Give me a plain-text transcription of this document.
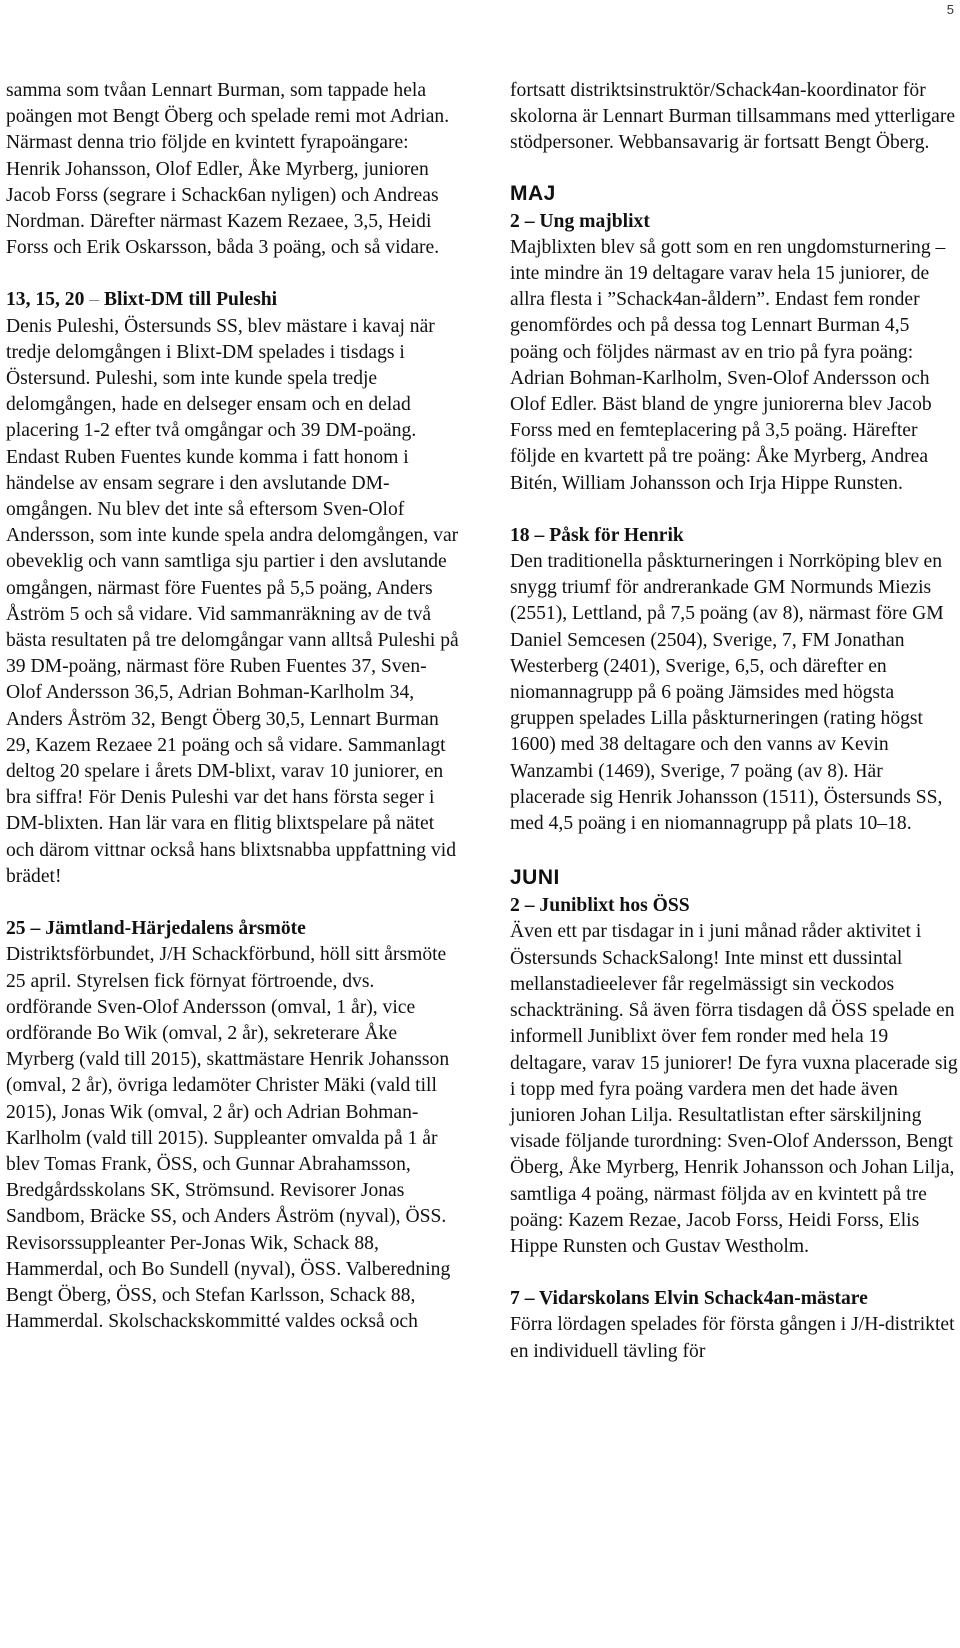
5

samma som tvåan Lennart Burman, som tappade hela poängen mot Bengt Öberg och spelade remi mot Adrian. Närmast denna trio följde en kvintett fyrapoängare: Henrik Johansson, Olof Edler, Åke Myrberg, junioren Jacob Forss (segrare i Schack6an nyligen) och Andreas Nordman. Därefter närmast Kazem Rezaee, 3,5, Heidi Forss och Erik Oskarsson, båda 3 poäng, och så vidare.

13, 15, 20 – Blixt-DM till Puleshi
Denis Puleshi, Östersunds SS, blev mästare i kavaj när tredje delomgången i Blixt-DM spelades i tisdags i Östersund. Puleshi, som inte kunde spela tredje delomgången, hade en delseger ensam och en delad placering 1-2 efter två omgångar och 39 DM-poäng. Endast Ruben Fuentes kunde komma i fatt honom i händelse av ensam segrare i den avslutande DM-omgången. Nu blev det inte så eftersom Sven-Olof Andersson, som inte kunde spela andra delomgången, var obeveklig och vann samtliga sju partier i den avslutande omgången, närmast före Fuentes på 5,5 poäng, Anders Åström 5 och så vidare. Vid sammanräkning av de två bästa resultaten på tre delomgångar vann alltså Puleshi på 39 DM-poäng, närmast före Ruben Fuentes 37, Sven-Olof Andersson 36,5, Adrian Bohman-Karlholm 34, Anders Åström 32, Bengt Öberg 30,5, Lennart Burman 29, Kazem Rezaee 21 poäng och så vidare. Sammanlagt deltog 20 spelare i årets DM-blixt, varav 10 juniorer, en bra siffra! För Denis Puleshi var det hans första seger i DM-blixten. Han lär vara en flitig blixtspelare på nätet och därom vittnar också hans blixtsnabba uppfattning vid brädet!

25 – Jämtland-Härjedalens årsmöte
Distriktsförbundet, J/H Schackförbund, höll sitt årsmöte 25 april. Styrelsen fick förnyat förtroende, dvs. ordförande Sven-Olof Andersson (omval, 1 år), vice ordförande Bo Wik (omval, 2 år), sekreterare Åke Myrberg (vald till 2015), skattmästare Henrik Johansson (omval, 2 år), övriga ledamöter Christer Mäki (vald till 2015), Jonas Wik (omval, 2 år) och Adrian Bohman-Karlholm (vald till 2015). Suppleanter omvalda på 1 år blev Tomas Frank, ÖSS, och Gunnar Abrahamsson, Bredgårdsskolans SK, Strömsund. Revisorer Jonas Sandbom, Bräcke SS, och Anders Åström (nyval), ÖSS. Revisorssuppleanter Per-Jonas Wik, Schack 88, Hammerdal, och Bo Sundell (nyval), ÖSS. Valberedning Bengt Öberg, ÖSS, och Stefan Karlsson, Schack 88, Hammerdal. Skolschackskommitté valdes också och

fortsatt distriktsinstruktör/Schack4an-koordinator för skolorna är Lennart Burman tillsammans med ytterligare stödpersoner. Webbansavarig är fortsatt Bengt Öberg.

MAJ

2 – Ung majblixt
Majblixten blev så gott som en ren ungdomsturnering – inte mindre än 19 deltagare varav hela 15 juniorer, de allra flesta i ”Schack4an-åldern”. Endast fem ronder genomfördes och på dessa tog Lennart Burman 4,5 poäng och följdes närmast av en trio på fyra poäng: Adrian Bohman-Karlholm, Sven-Olof Andersson och Olof Edler. Bäst bland de yngre juniorerna blev Jacob Forss med en femteplacering på 3,5 poäng. Härefter följde en kvartett på tre poäng: Åke Myrberg, Andrea Bitén, William Johansson och Irja Hippe Runsten.

18 – Påsk för Henrik
Den traditionella påskturneringen i Norrköping blev en snygg triumf för andrerankade GM Normunds Miezis (2551), Lettland, på 7,5 poäng (av 8), närmast före GM Daniel Semcesen (2504), Sverige, 7, FM Jonathan Westerberg (2401), Sverige, 6,5, och därefter en niomannagrupp på 6 poäng Jämsides med högsta gruppen spelades Lilla påskturneringen (rating högst 1600) med 38 deltagare och den vanns av Kevin Wanzambi (1469), Sverige, 7 poäng (av 8). Här placerade sig Henrik Johansson (1511), Östersunds SS, med 4,5 poäng i en niomannagrupp på plats 10–18.

JUNI

2 – Juniblixt hos ÖSS
Även ett par tisdagar in i juni månad råder aktivitet i Östersunds SchackSalong! Inte minst ett dussintal mellanstadieelever får regelmässigt sin veckodos schackträning. Så även förra tisdagen då ÖSS spelade en informell Juniblixt över fem ronder med hela 19 deltagare, varav 15 juniorer! De fyra vuxna placerade sig i topp med fyra poäng vardera men det hade även junioren Johan Lilja. Resultatlistan efter särskiljning visade följande turordning: Sven-Olof Andersson, Bengt Öberg, Åke Myrberg, Henrik Johansson och Johan Lilja, samtliga 4 poäng, närmast följda av en kvintett på tre poäng: Kazem Rezae, Jacob Forss, Heidi Forss, Elis Hippe Runsten och Gustav Westholm.

7 – Vidarskolans Elvin Schack4an-mästare
Förra lördagen spelades för första gången i J/H-distriktet en individuell tävling för
